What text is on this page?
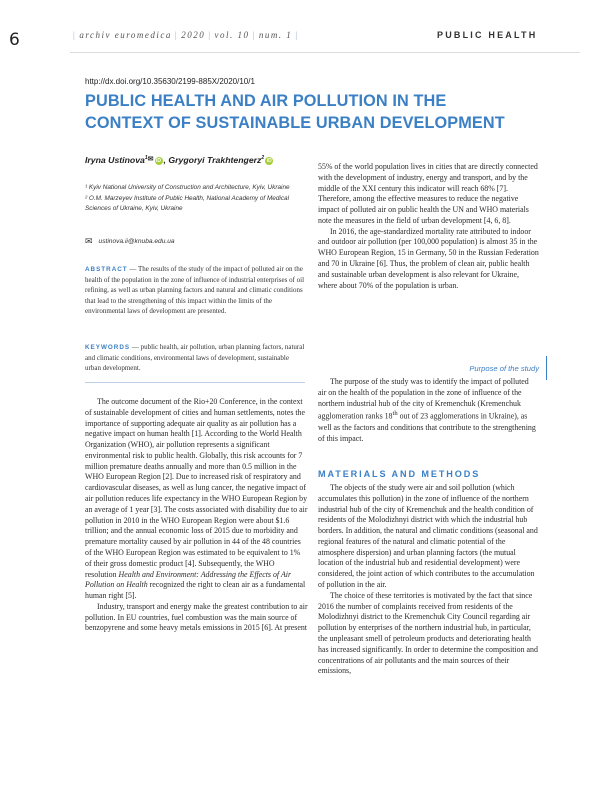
6	| archiv euromedica | 2020 | vol. 10 | num. 1 |	PUBLIC HEALTH
http://dx.doi.org/10.35630/2199-885X/2020/10/1
PUBLIC HEALTH AND AIR POLLUTION IN THE CONTEXT OF SUSTAINABLE URBAN DEVELOPMENT
Iryna Ustinova$^1$✉ iD , Grygoryi Trakhtengerz$^2$ iD

¹ Kyiv National University of Construction and Architecture, Kyiv, Ukraine

² O.M. Marzeyev Institute of Public Health, National Academy of Medical Sciences of Ukraine, Kyiv, Ukraine

✉ ustinova.ii@knuba.edu.ua

ABSTRACT — The results of the study of the impact of polluted air on the health of the population in the zone of influence of industrial enterprises of oil refining, as well as urban planning factors and natural and climatic conditions that lead to the strengthening of this impact within the limits of the environmental laws of development are presented.

KEYWORDS — public health, air pollution, urban planning factors, natural and climatic conditions, environmental laws of development, sustainable urban development.

The outcome document of the Rio+20 Conference, in the context of sustainable development of cities and human settlements, notes the importance of supporting adequate air quality as air pollution has a negative impact on human health [1]. According to the World Health Organization (WHO), air pollution represents a significant environmental risk to public health. Globally, this risk accounts for 7 million premature deaths annually and more than 0.5 million in the WHO European Region [2]. Due to increased risk of respiratory and cardiovascular diseases, as well as lung cancer, the negative impact of air pollution reduces life expectancy in the WHO European Region by an average of 1 year [3]. The costs associated with disability due to air pollution in 2010 in the WHO European Region were about $1.6 trillion; and the annual economic loss of 2015 due to morbidity and premature mortality caused by air pollution in 44 of the 48 countries of the WHO European Region was estimated to be equivalent to 1% of their gross domestic product [4]. Subsequently, the WHO resolution Health and Environment: Addressing the Effects of Air Pollution on Health recognized the right to clean air as a fundamental human right [5].

Industry, transport and energy make the greatest contribution to air pollution. In EU countries, fuel combustion was the main source of benzopyrene and some heavy metals emissions in 2015 [6]. At present

55% of the world population lives in cities that are directly connected with the development of industry, energy and transport, and by the middle of the XXI century this indicator will reach 68% [7]. Therefore, among the effective measures to reduce the negative impact of polluted air on public health the UN and WHO materials note the measures in the field of urban development [4, 6, 8].

In 2016, the age-standardized mortality rate attributed to indoor and outdoor air pollution (per 100,000 population) is almost 35 in the WHO European Region, 15 in Germany, 50 in the Russian Federation and 70 in Ukraine [6]. Thus, the problem of clean air, public health and sustainable urban development is also relevant for Ukraine, where about 70% of the population is urban.

Purpose of the study

The purpose of the study was to identify the impact of polluted air on the health of the population in the zone of influence of the northern industrial hub of the city of Kremenchuk (Kremenchuk agglomeration ranks 18th out of 23 agglomerations in Ukraine), as well as the factors and conditions that contribute to the strengthening of this impact.

MATERIALS AND METHODS

The objects of the study were air and soil pollution (which accumulates this pollution) in the zone of influence of the northern industrial hub of the city of Kremenchuk and the health condition of residents of the Molodizhnyi district with which the industrial hub borders. In addition, the natural and climatic conditions (seasonal and regional features of the natural and climatic potential of the atmosphere dispersion) and urban planning factors (the mutual location of the industrial hub and residential development) were considered, the joint action of which contributes to the accumulation of pollution in the air.

The choice of these territories is motivated by the fact that since 2016 the number of complaints received from residents of the Molodizhnyi district to the Kremenchuk City Council regarding air pollution by enterprises of the northern industrial hub, in particular, the unpleasant smell of petroleum products and deteriorating health has increased significantly. In order to determine the composition and concentrations of air pollutants and the main sources of their emissions,
